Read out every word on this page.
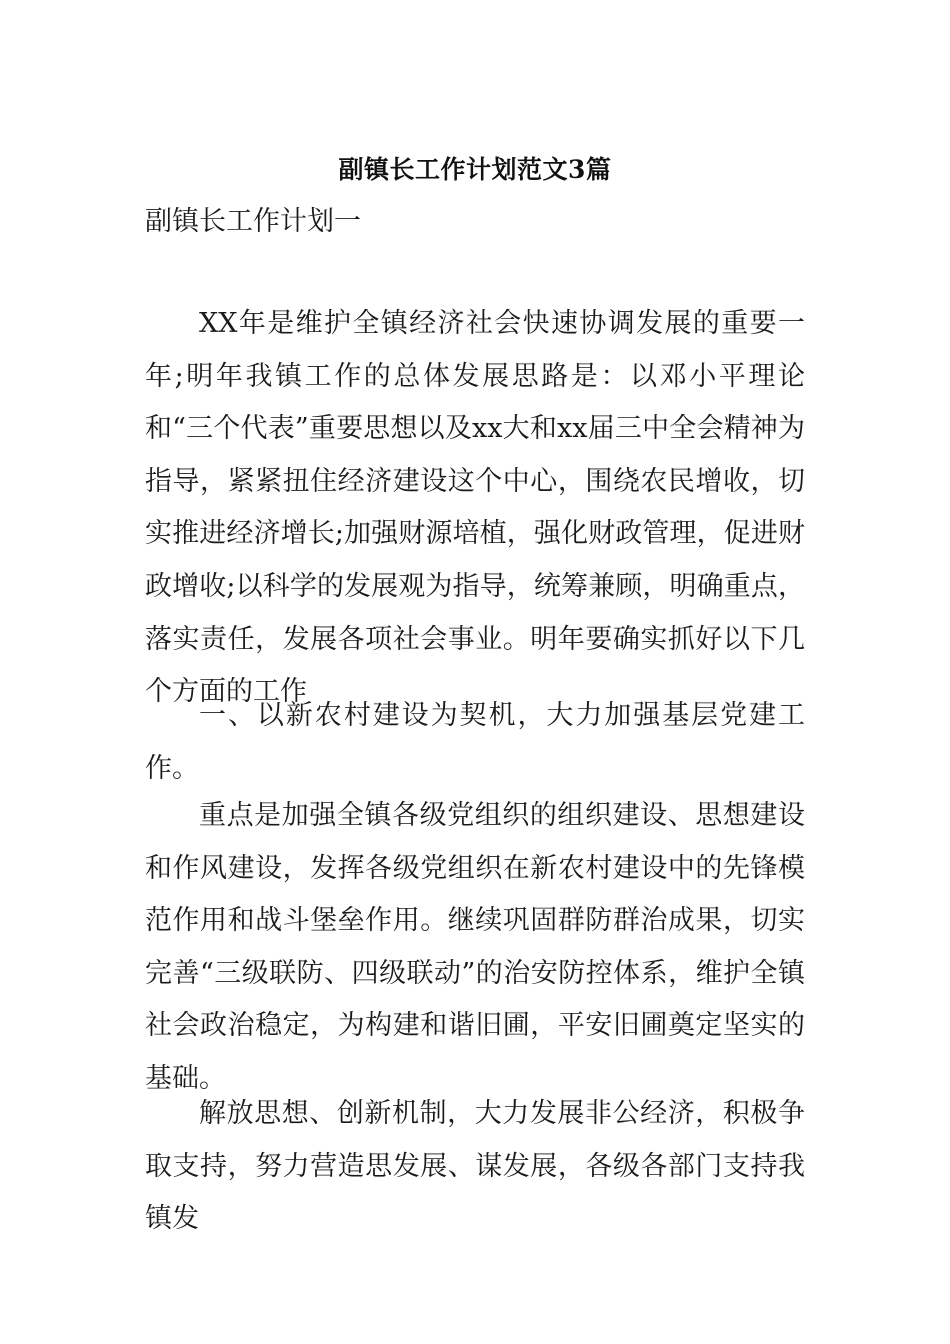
副镇长工作计划范文3篇
副镇长工作计划一

XX年是维护全镇经济社会快速协调发展的重要一年;明年我镇工作的总体发展思路是：以邓小平理论和“三个代表”重要思想以及xx大和xx届三中全会精神为指导，紧紧扭住经济建设这个中心，围绕农民增收，切实推进经济增长;加强财源培植，强化财政管理，促进财政增收;以科学的发展观为指导，统筹兼顾，明确重点，落实责任，发展各项社会事业。明年要确实抓好以下几个方面的工作

一、以新农村建设为契机，大力加强基层党建工作。

重点是加强全镇各级党组织的组织建设、思想建设和作风建设，发挥各级党组织在新农村建设中的先锋模范作用和战斗堡垒作用。继续巩固群防群治成果，切实完善“三级联防、四级联动”的治安防控体系，维护全镇社会政治稳定，为构建和谐旧圃，平安旧圃奠定坚实的基础。

解放思想、创新机制，大力发展非公经济，积极争取支持，努力营造思发展、谋发展，各级各部门支持我镇发
